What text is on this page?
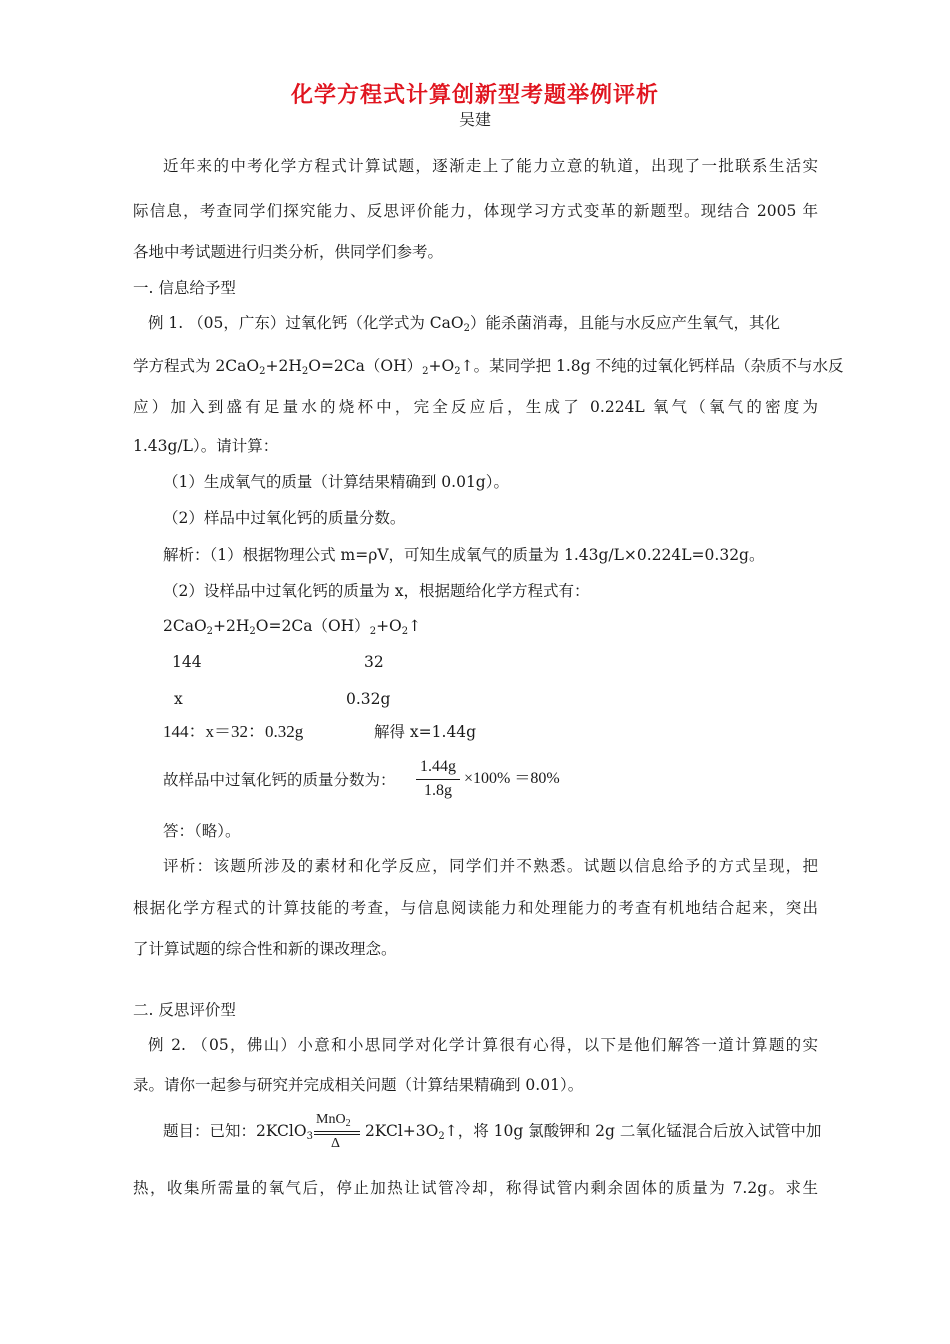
化学方程式计算创新型考题举例评析
吴建
近年来的中考化学方程式计算试题，逐渐走上了能力立意的轨道，出现了一批联系生活实
际信息，考查同学们探究能力、反思评价能力，体现学习方式变革的新题型。现结合 2005 年
各地中考试题进行归类分析，供同学们参考。
一. 信息给予型
例 1. （05，广东）过氧化钙（化学式为 CaO$_2$）能杀菌消毒，且能与水反应产生氧气，其化
学方程式为 $2CaO_2+2H_2O=2Ca(OH)_2+O_2↑$。某同学把 1.8g 不纯的过氧化钙样品（杂质不与水反
应）加入到盛有足量水的烧杯中，完全反应后，生成了 0.224L 氧气（氧气的密度为
1.43g/L）。请计算：
（1）生成氧气的质量（计算结果精确到 0.01g）。
（2）样品中过氧化钙的质量分数。
解析：（1）根据物理公式 m=ρV，可知生成氧气的质量为 1.43g/L×0.224L=0.32g。
（2）设样品中过氧化钙的质量为 x，根据题给化学方程式有：
$2CaO_2+2H_2O=2Ca(OH)_2+O_2↑$
144	32
x	0.32g
144：x＝32：0.32g	解得 x=1.44g
故样品中过氧化钙的质量分数为：
1.44g
1.8g
×100% ＝80%
答：（略）。
评析：该题所涉及的素材和化学反应，同学们并不熟悉。试题以信息给予的方式呈现，把
根据化学方程式的计算技能的考查，与信息阅读能力和处理能力的考查有机地结合起来，突出
了计算试题的综合性和新的课改理念。
二. 反思评价型
例 2. （05，佛山）小意和小思同学对化学计算很有心得，以下是他们解答一道计算题的实
录。请你一起参与研究并完成相关问题（计算结果精确到 0.01）。
题目：已知：2KClO$_3$	$2KCl+3O_2↑$，将 10g 氯酸钾和 2g 二氧化锰混合后放入试管中加
MnO$_2$
Δ
热，收集所需量的氧气后，停止加热让试管冷却，称得试管内剩余固体的质量为 7.2g。求生
